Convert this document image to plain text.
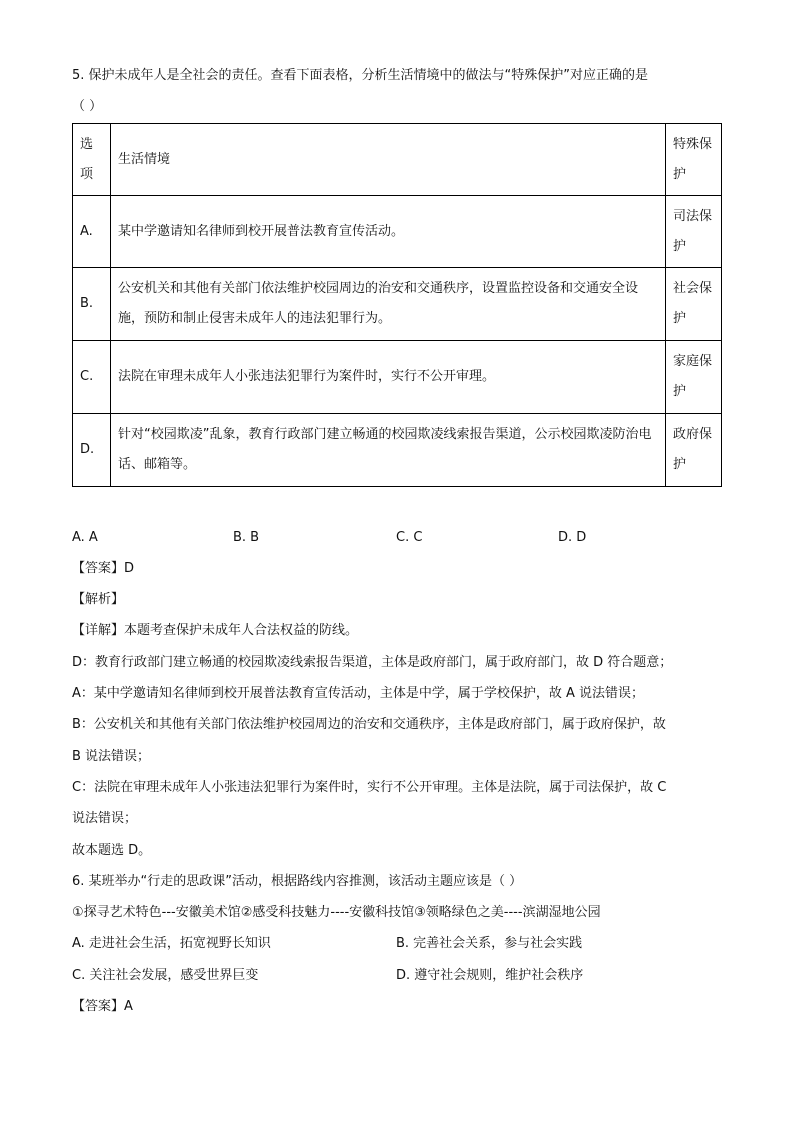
5. 保护未成年人是全社会的责任。查看下面表格，分析生活情境中的做法与“特殊保护”对应正确的是
（ ）
选项	生活情境	特殊保护
A.	某中学邀请知名律师到校开展普法教育宣传活动。	司法保护
B.	公安机关和其他有关部门依法维护校园周边的治安和交通秩序，设置监控设备和交通安全设施，预防和制止侵害未成年人的违法犯罪行为。	社会保护
C.	法院在审理未成年人小张违法犯罪行为案件时，实行不公开审理。	家庭保护
D.	针对“校园欺凌”乱象，教育行政部门建立畅通的校园欺凌线索报告渠道，公示校园欺凌防治电话、邮箱等。	政府保护
A. A	B. B	C. C	D. D
【答案】D
【解析】
【详解】本题考查保护未成年人合法权益的防线。
D：教育行政部门建立畅通的校园欺凌线索报告渠道，主体是政府部门，属于政府部门，故 D 符合题意；
A：某中学邀请知名律师到校开展普法教育宣传活动，主体是中学，属于学校保护，故 A 说法错误；
B：公安机关和其他有关部门依法维护校园周边的治安和交通秩序，主体是政府部门，属于政府保护，故
B 说法错误；
C：法院在审理未成年人小张违法犯罪行为案件时，实行不公开审理。主体是法院，属于司法保护，故 C
说法错误；
故本题选 D。
6. 某班举办“行走的思政课”活动，根据路线内容推测，该活动主题应该是（ ）
①探寻艺术特色---安徽美术馆②感受科技魅力----安徽科技馆③领略绿色之美----滨湖湿地公园
A. 走进社会生活，拓宽视野长知识	B. 完善社会关系，参与社会实践
C. 关注社会发展，感受世界巨变	D. 遵守社会规则，维护社会秩序
【答案】A
